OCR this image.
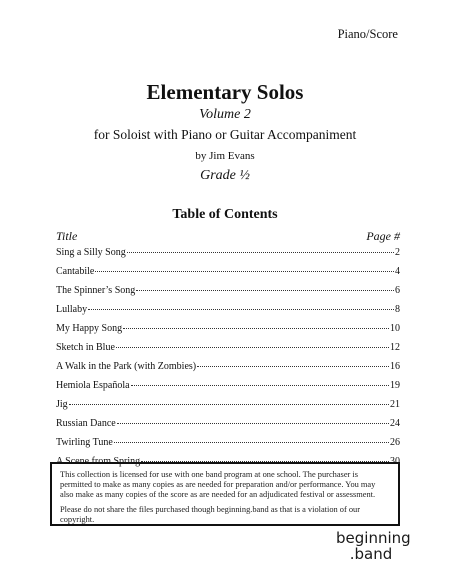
Piano/Score
Elementary Solos
Volume 2
for Soloist with Piano or Guitar Accompaniment
by Jim Evans
Grade ½
Table of Contents
Title	Page #
Sing a Silly Song	2
Cantabile	4
The Spinner’s Song	6
Lullaby	8
My Happy Song	10
Sketch in Blue	12
A Walk in the Park (with Zombies)	16
Hemiola Española	19
Jig	21
Russian Dance	24
Twirling Tune	26
A Scene from Spring	30

This collection is licensed for use with one band program at one school. The purchaser is permitted to make as many copies as are needed for preparation and/or performance. You may also make as many copies of the score as are needed for an adjudicated festival or assessment.

Please do not share the files purchased though beginning.band as that is a violation of our copyright.

beginning
.band
